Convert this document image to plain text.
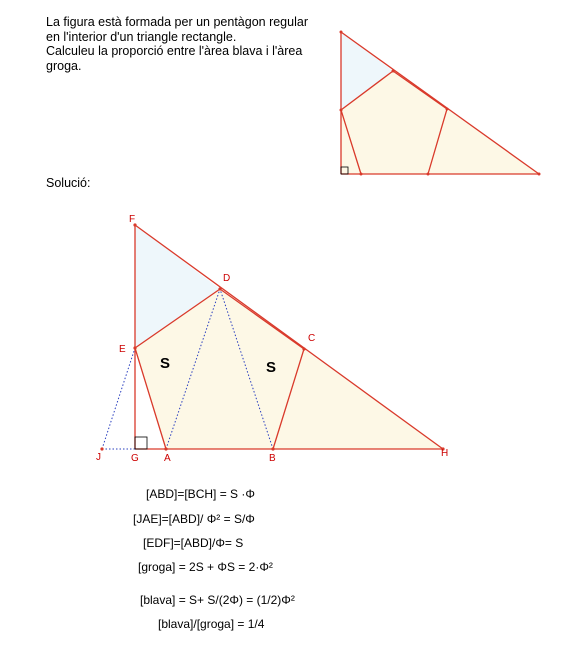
La figura està formada per un pentàgon regular
en l'interior d'un triangle rectangle.
Calculeu la proporció entre l'àrea blava i l'àrea
groga.
Solució:
F
D
C
E
J	G	A	B	H
S	S
[ABD]=[BCH] = S ·Φ
[JAE]=[ABD]/ Φ² = S/Φ
[EDF]=[ABD]/Φ= S
[groga] = 2S + ΦS = 2·Φ²
[blava] = S+ S/(2Φ) = (1/2)Φ²
[blava]/[groga] = 1/4
